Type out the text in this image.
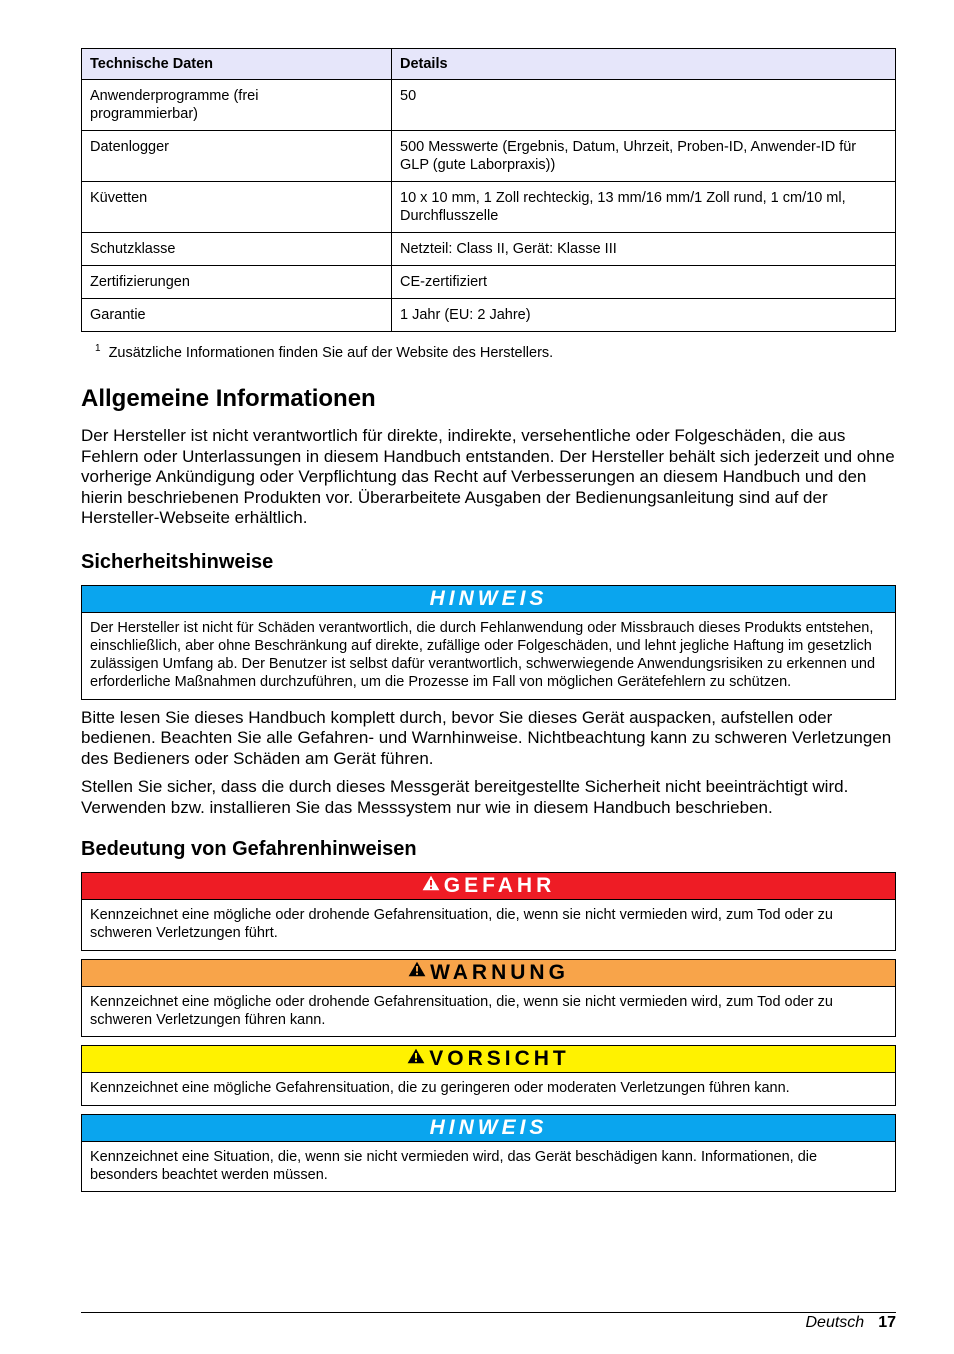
Technische Daten	Details
Anwenderprogramme (frei programmierbar)	50
Datenlogger	500 Messwerte (Ergebnis, Datum, Uhrzeit, Proben-ID, Anwender-ID für GLP (gute Laborpraxis))
Küvetten	10 x 10 mm, 1 Zoll rechteckig, 13 mm/16 mm/1 Zoll rund, 1 cm/10 ml, Durchflusszelle
Schutzklasse	Netzteil: Class II, Gerät: Klasse III
Zertifizierungen	CE-zertifiziert
Garantie	1 Jahr (EU: 2 Jahre)
$^1$ Zusätzliche Informationen finden Sie auf der Website des Herstellers.
Allgemeine Informationen

Der Hersteller ist nicht verantwortlich für direkte, indirekte, versehentliche oder Folgeschäden, die aus Fehlern oder Unterlassungen in diesem Handbuch entstanden. Der Hersteller behält sich jederzeit und ohne vorherige Ankündigung oder Verpflichtung das Recht auf Verbesserungen an diesem Handbuch und den hierin beschriebenen Produkten vor. Überarbeitete Ausgaben der Bedienungsanleitung sind auf der Hersteller-Webseite erhältlich.

Sicherheitshinweise
HINWEIS
Der Hersteller ist nicht für Schäden verantwortlich, die durch Fehlanwendung oder Missbrauch dieses Produkts entstehen, einschließlich, aber ohne Beschränkung auf direkte, zufällige oder Folgeschäden, und lehnt jegliche Haftung im gesetzlich zulässigen Umfang ab. Der Benutzer ist selbst dafür verantwortlich, schwerwiegende Anwendungsrisiken zu erkennen und erforderliche Maßnahmen durchzuführen, um die Prozesse im Fall von möglichen Gerätefehlern zu schützen.

Bitte lesen Sie dieses Handbuch komplett durch, bevor Sie dieses Gerät auspacken, aufstellen oder bedienen. Beachten Sie alle Gefahren- und Warnhinweise. Nichtbeachtung kann zu schweren Verletzungen des Bedieners oder Schäden am Gerät führen.

Stellen Sie sicher, dass die durch dieses Messgerät bereitgestellte Sicherheit nicht beeinträchtigt wird. Verwenden bzw. installieren Sie das Messsystem nur wie in diesem Handbuch beschrieben.

Bedeutung von Gefahrenhinweisen
GEFAHR
Kennzeichnet eine mögliche oder drohende Gefahrensituation, die, wenn sie nicht vermieden wird, zum Tod oder zu schweren Verletzungen führt.
WARNUNG
Kennzeichnet eine mögliche oder drohende Gefahrensituation, die, wenn sie nicht vermieden wird, zum Tod oder zu schweren Verletzungen führen kann.
VORSICHT
Kennzeichnet eine mögliche Gefahrensituation, die zu geringeren oder moderaten Verletzungen führen kann.
HINWEIS
Kennzeichnet eine Situation, die, wenn sie nicht vermieden wird, das Gerät beschädigen kann. Informationen, die besonders beachtet werden müssen.
Deutsch 17
